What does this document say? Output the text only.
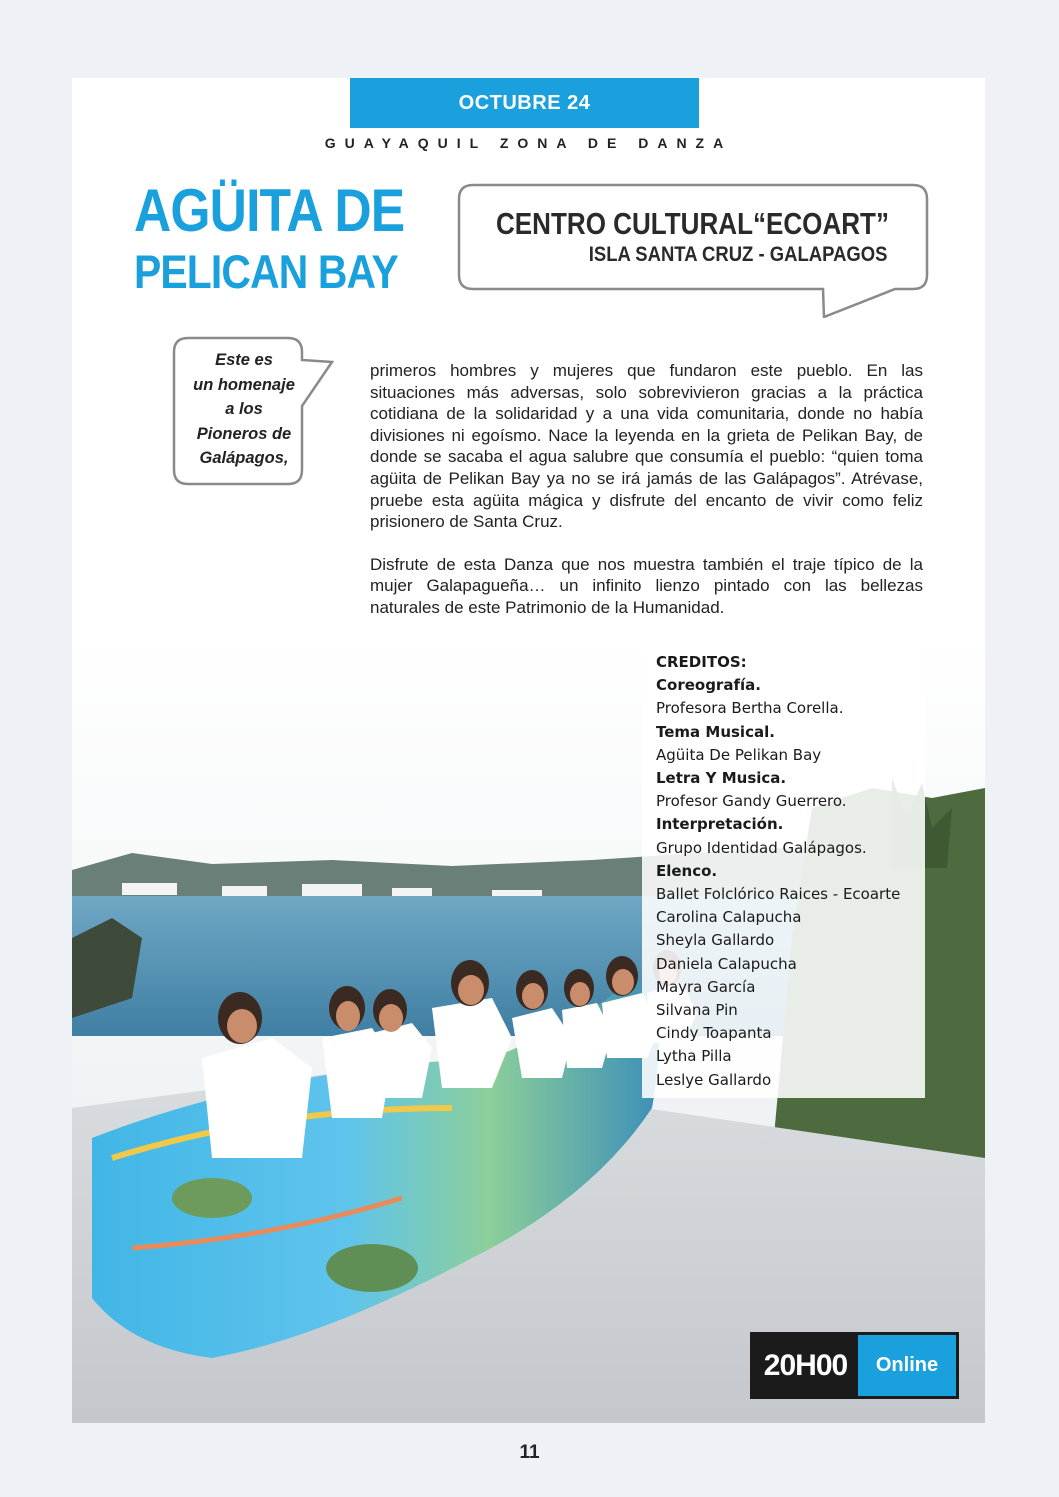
OCTUBRE 24
GUAYAQUIL ZONA DE DANZA
AGÜITA DE
PELICAN BAY
CENTRO CULTURAL“ECOART”
ISLA SANTA CRUZ - GALAPAGOS
Este es
un homenaje
a los
Pioneros de
Galápagos,

primeros hombres y mujeres que fundaron este pueblo. En las situaciones más adversas, solo sobrevivieron gracias a la práctica cotidiana de la solidaridad y a una vida comunitaria, donde no había divisiones ni egoísmo. Nace la leyenda en la grieta de Pelikan Bay, de donde se sacaba el agua salubre que consumía el pueblo: “quien toma agüita de Pelikan Bay ya no se irá jamás de las Galápagos”. Atrévase, pruebe esta agüita mágica y disfrute del encanto de vivir como feliz prisionero de Santa Cruz.

Disfrute de esta Danza que nos muestra también el traje típico de la mujer Galapagueña… un infinito lienzo pintado con las bellezas naturales de este Patrimonio de la Humanidad.

CREDITOS:
Coreografía.
Profesora Bertha Corella.
Tema Musical.
Agüita De Pelikan Bay
Letra Y Musica.
Profesor Gandy Guerrero.
Interpretación.
Grupo Identidad Galápagos.
Elenco.
Ballet Folclórico Raices - Ecoarte
Carolina Calapucha
Sheyla Gallardo
Daniela Calapucha
Mayra García
Silvana Pin
Cindy Toapanta
Lytha Pilla
Leslye Gallardo
20H00	Online
11
